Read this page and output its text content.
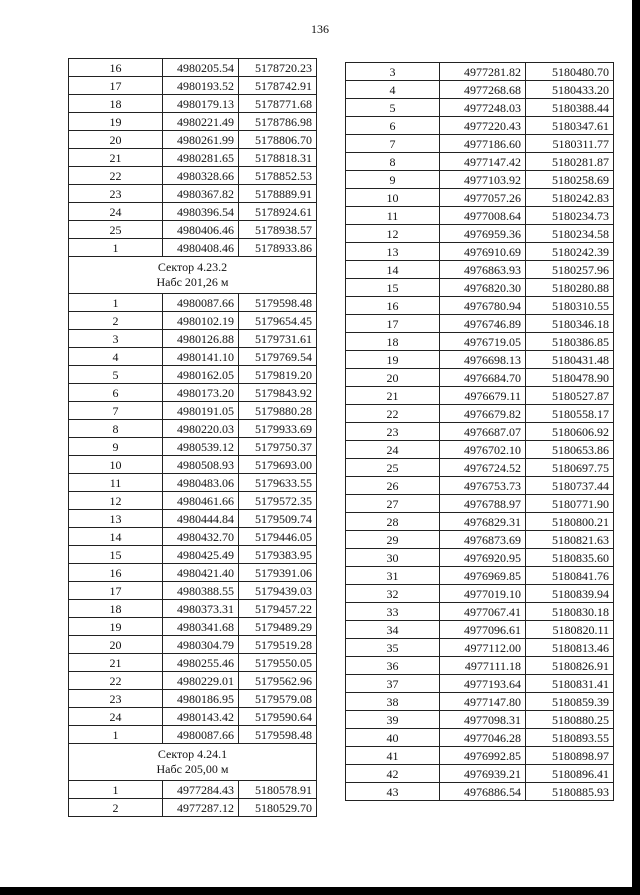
136
16	4980205.54	5178720.23
17	4980193.52	5178742.91
18	4980179.13	5178771.68
19	4980221.49	5178786.98
20	4980261.99	5178806.70
21	4980281.65	5178818.31
22	4980328.66	5178852.53
23	4980367.82	5178889.91
24	4980396.54	5178924.61
25	4980406.46	5178938.57
1	4980408.46	5178933.86

Сектор 4.23.2
Набс 201,26 м		

1	4980087.66	5179598.48
2	4980102.19	5179654.45
3	4980126.88	5179731.61
4	4980141.10	5179769.54
5	4980162.05	5179819.20
6	4980173.20	5179843.92
7	4980191.05	5179880.28
8	4980220.03	5179933.69
9	4980539.12	5179750.37
10	4980508.93	5179693.00
11	4980483.06	5179633.55
12	4980461.66	5179572.35
13	4980444.84	5179509.74
14	4980432.70	5179446.05
15	4980425.49	5179383.95
16	4980421.40	5179391.06
17	4980388.55	5179439.03
18	4980373.31	5179457.22
19	4980341.68	5179489.29
20	4980304.79	5179519.28
21	4980255.46	5179550.05
22	4980229.01	5179562.96
23	4980186.95	5179579.08
24	4980143.42	5179590.64
1	4980087.66	5179598.48

Сектор 4.24.1
Набс 205,00 м		

1	4977284.43	5180578.91
2	4977287.12	5180529.70
3	4977281.82	5180480.70
4	4977268.68	5180433.20
5	4977248.03	5180388.44
6	4977220.43	5180347.61
7	4977186.60	5180311.77
8	4977147.42	5180281.87
9	4977103.92	5180258.69
10	4977057.26	5180242.83
11	4977008.64	5180234.73
12	4976959.36	5180234.58
13	4976910.69	5180242.39
14	4976863.93	5180257.96
15	4976820.30	5180280.88
16	4976780.94	5180310.55
17	4976746.89	5180346.18
18	4976719.05	5180386.85
19	4976698.13	5180431.48
20	4976684.70	5180478.90
21	4976679.11	5180527.87
22	4976679.82	5180558.17
23	4976687.07	5180606.92
24	4976702.10	5180653.86
25	4976724.52	5180697.75
26	4976753.73	5180737.44
27	4976788.97	5180771.90
28	4976829.31	5180800.21
29	4976873.69	5180821.63
30	4976920.95	5180835.60
31	4976969.85	5180841.76
32	4977019.10	5180839.94
33	4977067.41	5180830.18
34	4977096.61	5180820.11
35	4977112.00	5180813.46
36	4977111.18	5180826.91
37	4977193.64	5180831.41
38	4977147.80	5180859.39
39	4977098.31	5180880.25
40	4977046.28	5180893.55
41	4976992.85	5180898.97
42	4976939.21	5180896.41
43	4976886.54	5180885.93
